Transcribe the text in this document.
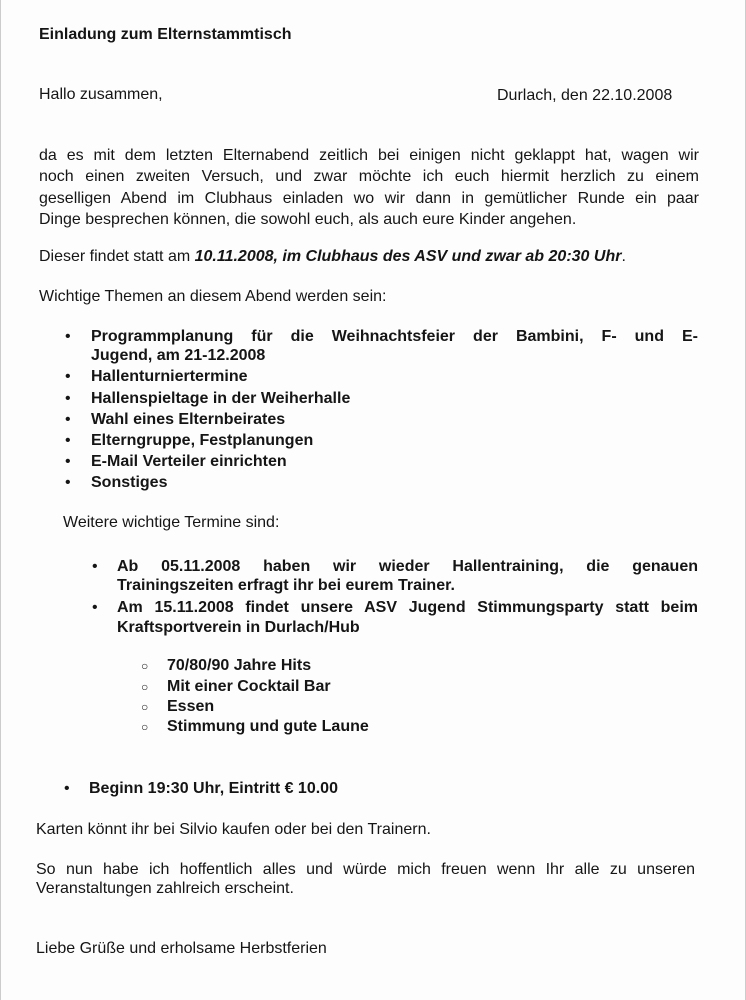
Einladung zum Elternstammtisch
Hallo zusammen,	Durlach, den 22.10.2008
da es mit dem letzten Elternabend zeitlich bei einigen nicht geklappt hat, wagen wir
noch einen zweiten Versuch, und zwar möchte ich euch hiermit herzlich zu einem
geselligen Abend im Clubhaus einladen wo wir dann in gemütlicher Runde ein paar
Dinge besprechen können, die sowohl euch, als auch eure Kinder angehen.
Dieser findet statt am 10.11.2008, im Clubhaus des ASV und zwar ab 20:30 Uhr.
Wichtige Themen an diesem Abend werden sein:
Weitere wichtige Termine sind:
• Ab 05.11.2008 haben wir wieder Hallentraining, die genauen
Trainingszeiten erfragt ihr bei eurem Trainer.
• Am 15.11.2008 findet unsere ASV Jugend Stimmungsparty statt beim
Kraftsportverein in Durlach/Hub
• Beginn 19:30 Uhr, Eintritt € 10.00
Karten könnt ihr bei Silvio kaufen oder bei den Trainern.
So nun habe ich hoffentlich alles und würde mich freuen wenn Ihr alle zu unseren
Veranstaltungen zahlreich erscheint.
Liebe Grüße und erholsame Herbstferien
• Programmplanung für die Weihnachtsfeier der Bambini, F- und E-
Jugend, am 21-12.2008
• Hallenturniertermine
• Hallenspieltage in der Weiherhalle
• Wahl eines Elternbeirates
• Elterngruppe, Festplanungen
• E-Mail Verteiler einrichten
• Sonstiges
○ 70/80/90 Jahre Hits
○ Mit einer Cocktail Bar
○ Essen
○ Stimmung und gute Laune
